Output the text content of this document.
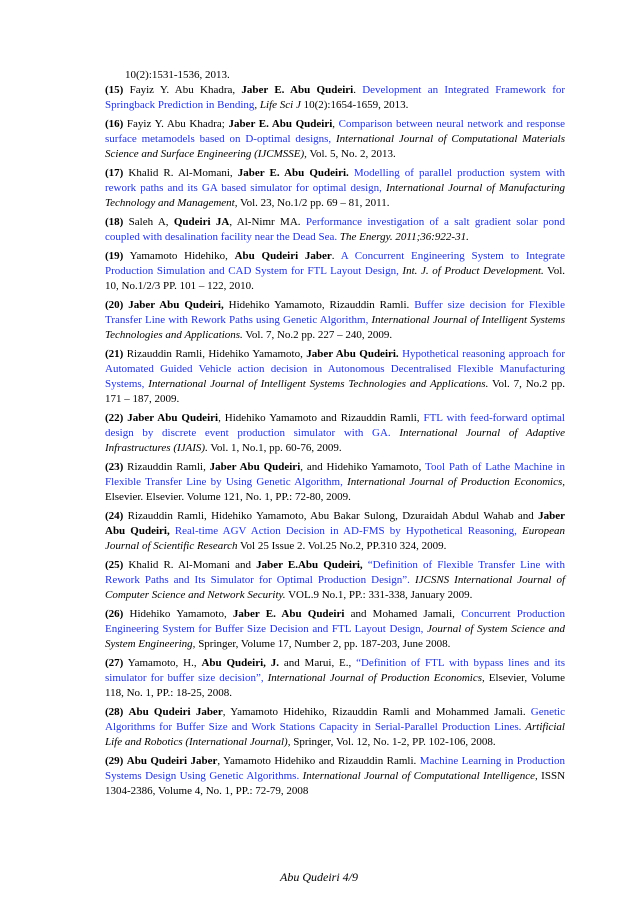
10(2):1531-1536, 2013.
(15) Fayiz Y. Abu Khadra, Jaber E. Abu Qudeiri. Development an Integrated Framework for Springback Prediction in Bending, Life Sci J 10(2):1654-1659, 2013.
(16) Fayiz Y. Abu Khadra; Jaber E. Abu Qudeiri, Comparison between neural network and response surface metamodels based on D-optimal designs, International Journal of Computational Materials Science and Surface Engineering (IJCMSSE), Vol. 5, No. 2, 2013.
(17) Khalid R. Al-Momani, Jaber E. Abu Qudeiri. Modelling of parallel production system with rework paths and its GA based simulator for optimal design, International Journal of Manufacturing Technology and Management, Vol. 23, No.1/2 pp. 69 – 81, 2011.
(18) Saleh A, Qudeiri JA, Al-Nimr MA. Performance investigation of a salt gradient solar pond coupled with desalination facility near the Dead Sea. The Energy. 2011;36:922-31.
(19) Yamamoto Hidehiko, Abu Qudeiri Jaber. A Concurrent Engineering System to Integrate Production Simulation and CAD System for FTL Layout Design, Int. J. of Product Development. Vol. 10, No.1/2/3 PP. 101 – 122, 2010.
(20) Jaber Abu Qudeiri, Hidehiko Yamamoto, Rizauddin Ramli. Buffer size decision for Flexible Transfer Line with Rework Paths using Genetic Algorithm, International Journal of Intelligent Systems Technologies and Applications. Vol. 7, No.2 pp. 227 – 240, 2009.
(21) Rizauddin Ramli, Hidehiko Yamamoto, Jaber Abu Qudeiri. Hypothetical reasoning approach for Automated Guided Vehicle action decision in Autonomous Decentralised Flexible Manufacturing Systems, International Journal of Intelligent Systems Technologies and Applications. Vol. 7, No.2 pp. 171 – 187, 2009.
(22) Jaber Abu Qudeiri, Hidehiko Yamamoto and Rizauddin Ramli, FTL with feed-forward optimal design by discrete event production simulator with GA. International Journal of Adaptive Infrastructures (IJAIS). Vol. 1, No.1, pp. 60-76, 2009.
(23) Rizauddin Ramli, Jaber Abu Qudeiri, and Hidehiko Yamamoto, Tool Path of Lathe Machine in Flexible Transfer Line by Using Genetic Algorithm, International Journal of Production Economics, Elsevier. Elsevier. Volume 121, No. 1, PP.: 72-80, 2009.
(24) Rizauddin Ramli, Hidehiko Yamamoto, Abu Bakar Sulong, Dzuraidah Abdul Wahab and Jaber Abu Qudeiri, Real-time AGV Action Decision in AD-FMS by Hypothetical Reasoning, European Journal of Scientific Research Vol 25 Issue 2. Vol.25 No.2, PP.310 324, 2009.
(25) Khalid R. Al-Momani and Jaber E.Abu Qudeiri, “Definition of Flexible Transfer Line with Rework Paths and Its Simulator for Optimal Production Design”. IJCSNS International Journal of Computer Science and Network Security. VOL.9 No.1, PP.: 331-338, January 2009.
(26) Hidehiko Yamamoto, Jaber E. Abu Qudeiri and Mohamed Jamali, Concurrent Production Engineering System for Buffer Size Decision and FTL Layout Design, Journal of System Science and System Engineering, Springer, Volume 17, Number 2, pp. 187-203, June 2008.
(27) Yamamoto, H., Abu Qudeiri, J. and Marui, E., “Definition of FTL with bypass lines and its simulator for buffer size decision”, International Journal of Production Economics, Elsevier, Volume 118, No. 1, PP.: 18-25, 2008.
(28) Abu Qudeiri Jaber, Yamamoto Hidehiko, Rizauddin Ramli and Mohammed Jamali. Genetic Algorithms for Buffer Size and Work Stations Capacity in Serial-Parallel Production Lines. Artificial Life and Robotics (International Journal), Springer, Vol. 12, No. 1-2, PP. 102-106, 2008.
(29) Abu Qudeiri Jaber, Yamamoto Hidehiko and Rizauddin Ramli. Machine Learning in Production Systems Design Using Genetic Algorithms. International Journal of Computational Intelligence, ISSN 1304-2386, Volume 4, No. 1, PP.: 72-79, 2008
Abu Qudeiri 4/9
